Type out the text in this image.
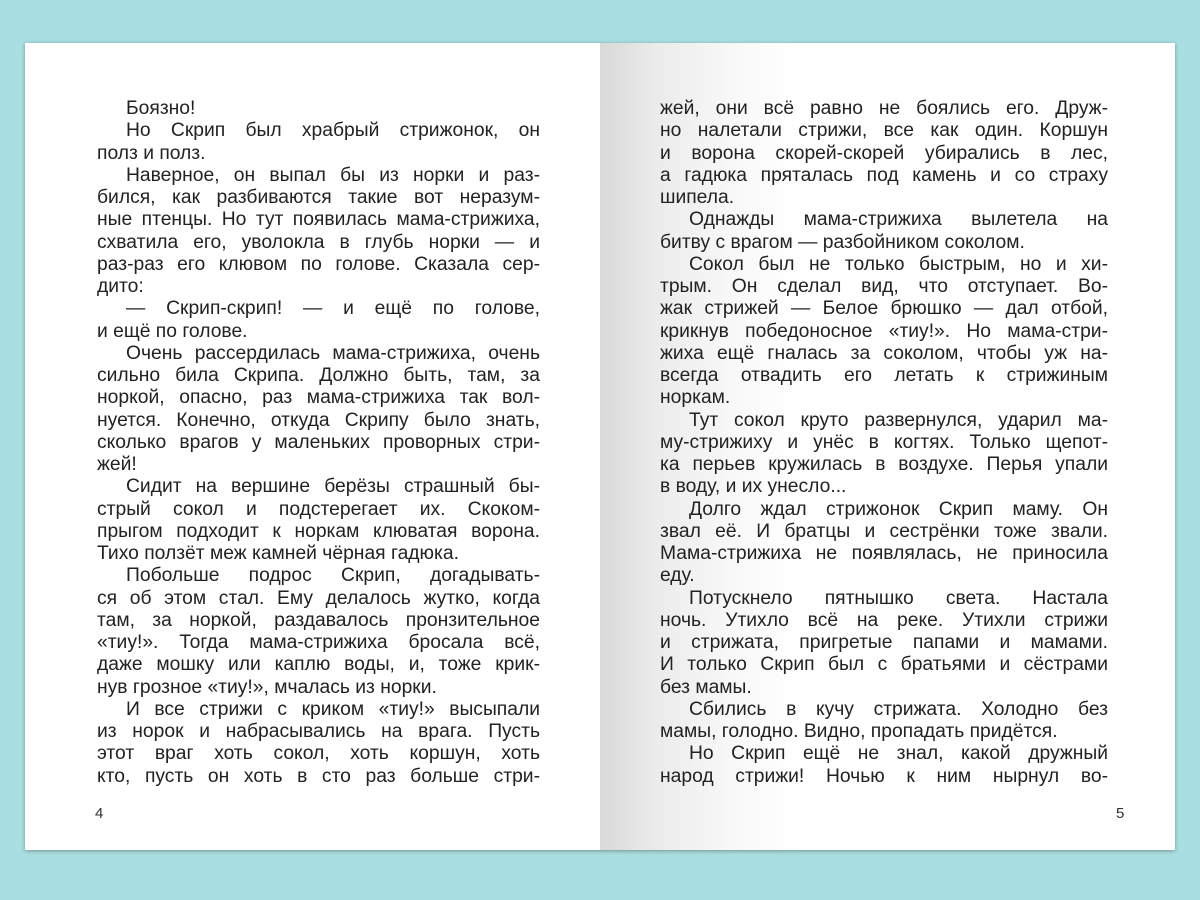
Боязно!
Но Скрип был храбрый стрижонок, он
полз и полз.
Наверное, он выпал бы из норки и раз-
бился, как разбиваются такие вот неразум-
ные птенцы. Но тут появилась мама-стрижиха,
схватила его, уволокла в глубь норки — и
раз-раз его клювом по голове. Сказала сер-
дито:
— Скрип-скрип! — и ещё по голове,
и ещё по голове.
Очень рассердилась мама-стрижиха, очень
сильно била Скрипа. Должно быть, там, за
норкой, опасно, раз мама-стрижиха так вол-
нуется. Конечно, откуда Скрипу было знать,
сколько врагов у маленьких проворных стри-
жей!
Сидит на вершине берёзы страшный бы-
стрый сокол и подстерегает их. Скоком-
прыгом подходит к норкам клюватая ворона.
Тихо ползёт меж камней чёрная гадюка.
Побольше подрос Скрип, догадывать-
ся об этом стал. Ему делалось жутко, когда
там, за норкой, раздавалось пронзительное
«тиу!». Тогда мама-стрижиха бросала всё,
даже мошку или каплю воды, и, тоже крик-
нув грозное «тиу!», мчалась из норки.
И все стрижи с криком «тиу!» высыпали
из норок и набрасывались на врага. Пусть
этот враг хоть сокол, хоть коршун, хоть
кто, пусть он хоть в сто раз больше стри-
4
жей, они всё равно не боялись его. Друж-
но налетали стрижи, все как один. Коршун
и ворона скорей-скорей убирались в лес,
а гадюка пряталась под камень и со страху
шипела.
Однажды мама-стрижиха вылетела на
битву с врагом — разбойником соколом.
Сокол был не только быстрым, но и хи-
трым. Он сделал вид, что отступает. Во-
жак стрижей — Белое брюшко — дал отбой,
крикнув победоносное «тиу!». Но мама-стри-
жиха ещё гналась за соколом, чтобы уж на-
всегда отвадить его летать к стрижиным
норкам.
Тут сокол круто развернулся, ударил ма-
му-стрижиху и унёс в когтях. Только щепот-
ка перьев кружилась в воздухе. Перья упали
в воду, и их унесло...
Долго ждал стрижонок Скрип маму. Он
звал её. И братцы и сестрёнки тоже звали.
Мама-стрижиха не появлялась, не приносила
еду.
Потускнело пятнышко света. Настала
ночь. Утихло всё на реке. Утихли стрижи
и стрижата, пригретые папами и мамами.
И только Скрип был с братьями и сёстрами
без мамы.
Сбились в кучу стрижата. Холодно без
мамы, голодно. Видно, пропадать придётся.
Но Скрип ещё не знал, какой дружный
народ стрижи! Ночью к ним нырнул во-
5
